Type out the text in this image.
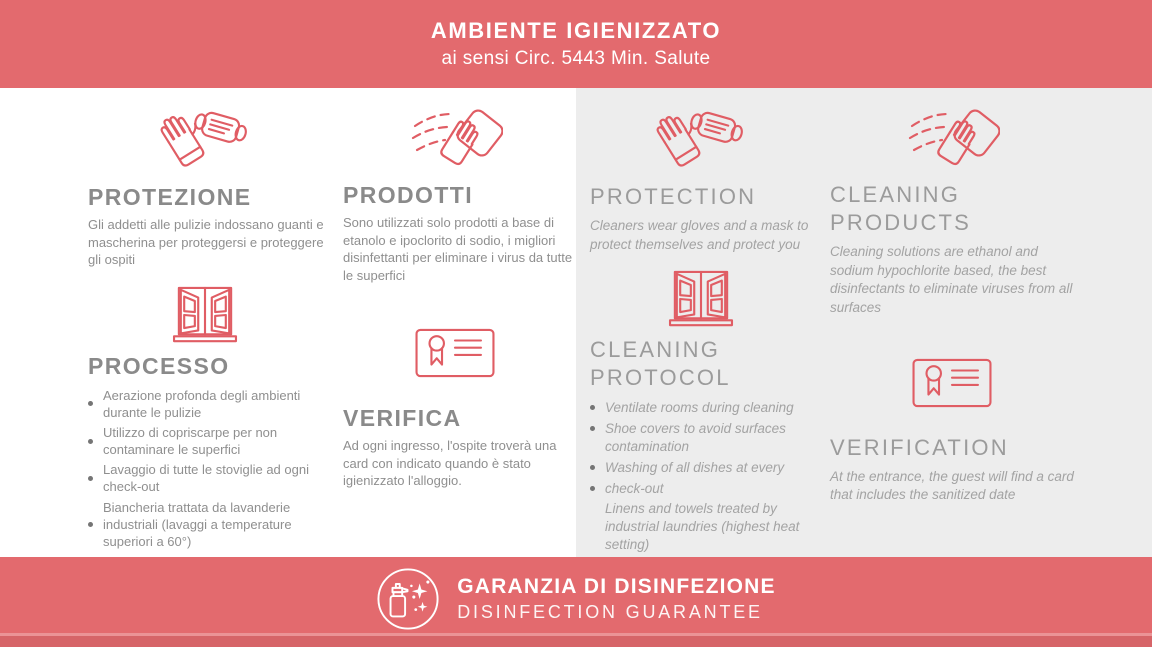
AMBIENTE IGIENIZZATO
ai sensi Circ. 5443 Min. Salute
PROTEZIONE

Gli addetti alle pulizie indossano guanti e mascherina per proteggersi e proteggere gli ospiti

PROCESSO
Aerazione profonda degli ambienti durante le pulizie
Utilizzo di copriscarpe per non contaminare le superfici
Lavaggio di tutte le stoviglie ad ogni check-out
Biancheria trattata da lavanderie industriali (lavaggi a temperature superiori a 60°)
PRODOTTI

Sono utilizzati solo prodotti a base di etanolo e ipoclorito di sodio, i migliori disinfettanti per eliminare i virus da tutte le superfici

VERIFICA

Ad ogni ingresso, l'ospite troverà una card con indicato quando è stato igienizzato l'alloggio.

PROTECTION

Cleaners wear gloves and a mask to protect themselves and protect you

CLEANING PROTOCOL
Ventilate rooms during cleaning
Shoe covers to avoid surfaces contamination
Washing of all dishes at every
check-out
Linens and towels treated by industrial laundries (highest heat setting)
CLEANING PRODUCTS

Cleaning solutions are ethanol and sodium hypochlorite based, the best disinfectants to eliminate viruses from all surfaces

VERIFICATION

At the entrance, the guest will find a card that includes the sanitized date

GARANZIA DI DISINFEZIONE
DISINFECTION GUARANTEE
